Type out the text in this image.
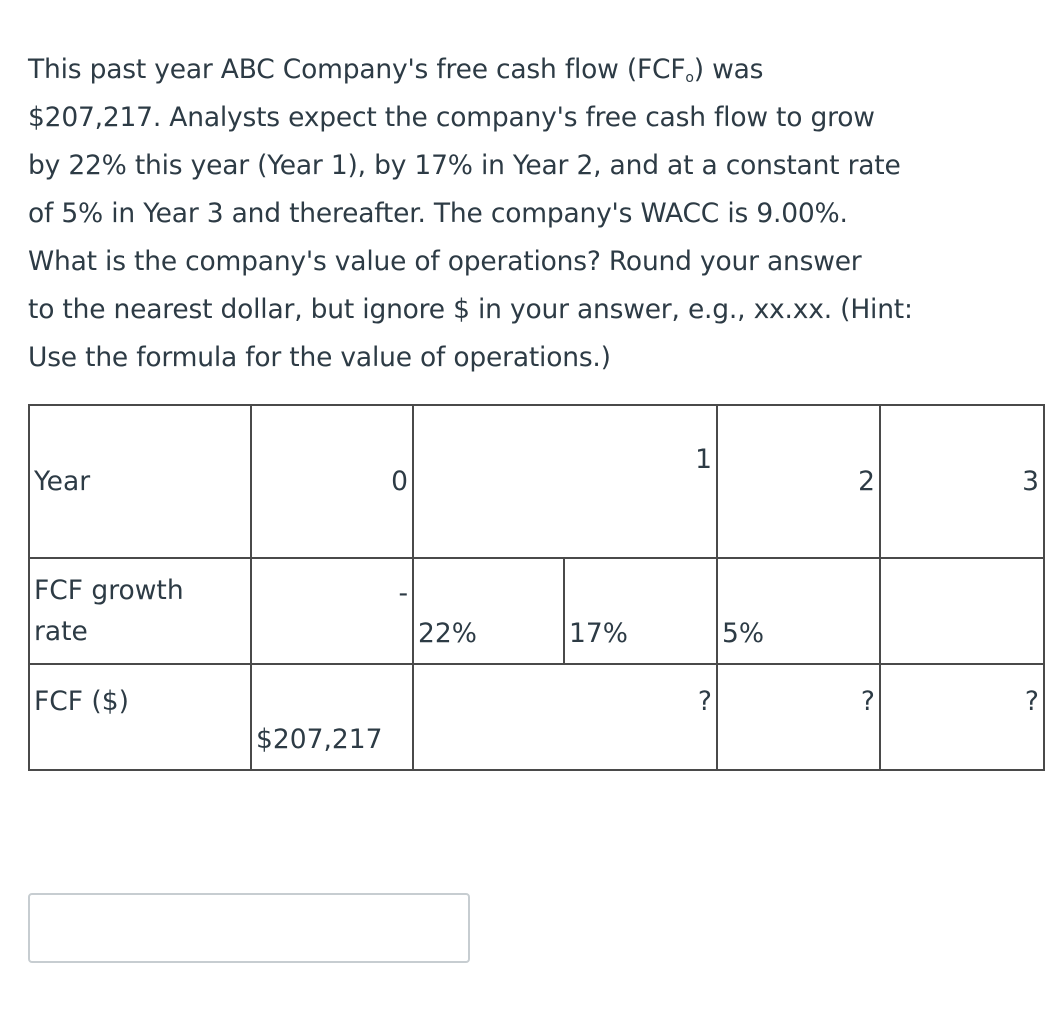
This past year ABC Company's free cash flow $(FCF_o)$ was

$207,217. Analysts expect the company's free cash flow to grow

by 22% this year (Year 1), by 17% in Year 2, and at a constant rate

of 5% in Year 3 and thereafter. The company's WACC is 9.00%.

What is the company's value of operations? Round your answer

to the nearest dollar, but ignore $ in your answer, e.g., xx.xx. (Hint:

Use the formula for the value of operations.)

Year	0	1		2	3

FCF growth
rate	-	22%	17%	5%	

FCF ($)	$207,217	?		?	?
